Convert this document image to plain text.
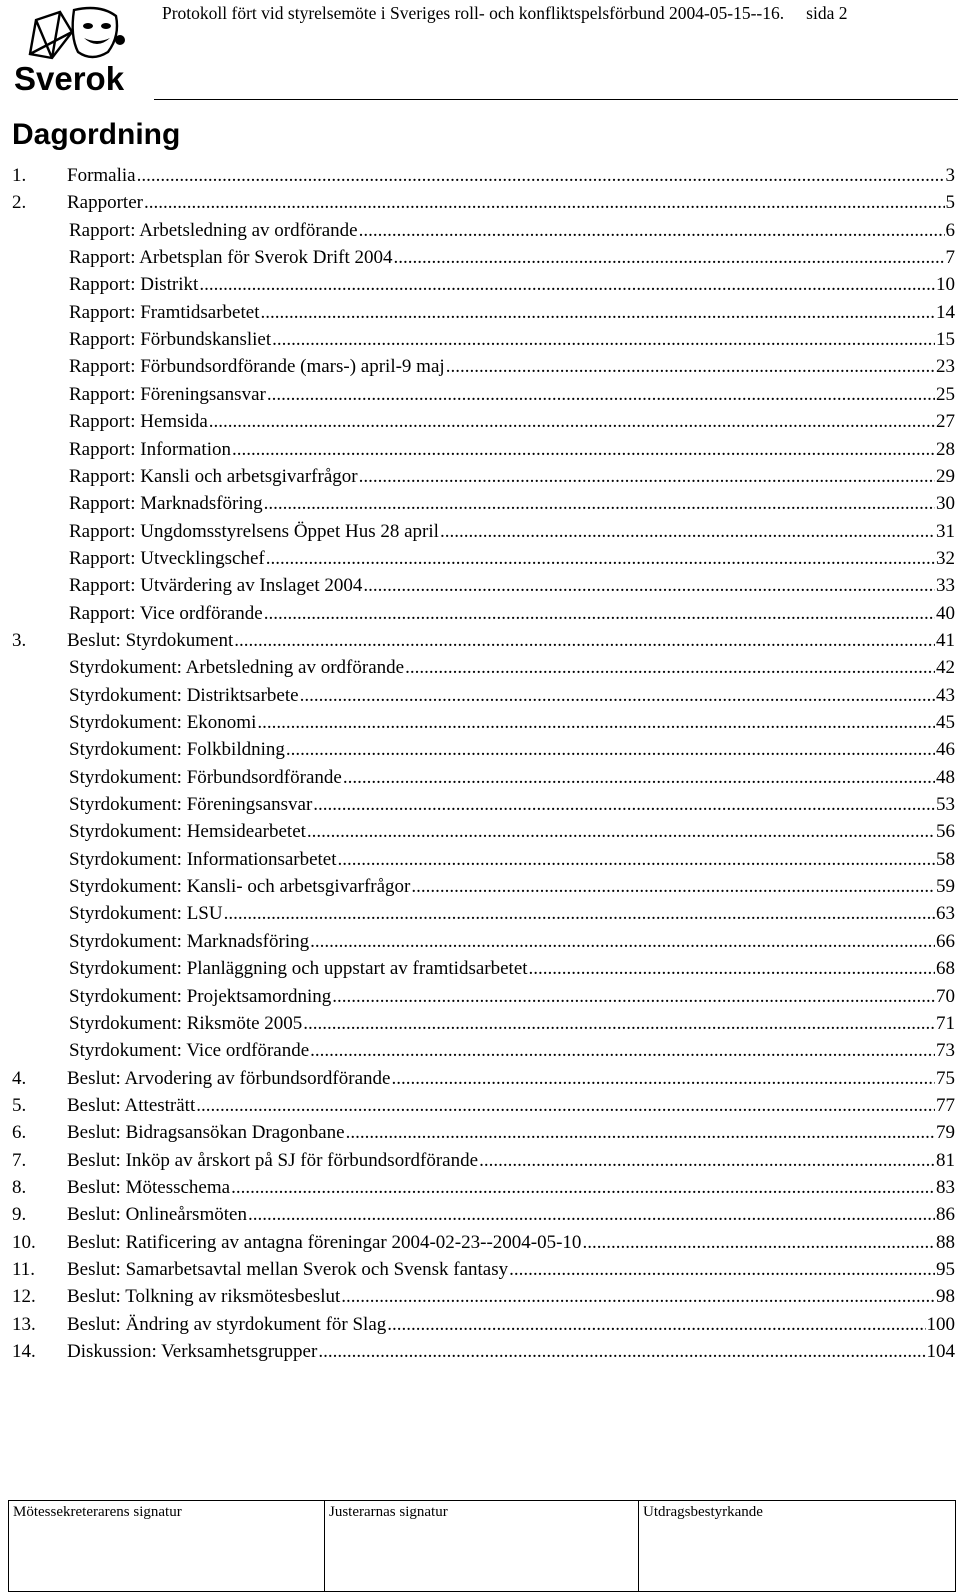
Sverok
Protokoll fört vid styrelsemöte i Sveriges roll- och konfliktspelsförbund 2004-05-15--16. sida 2
Dagordning
1. Formalia .....	3
2. Rapporter .....	5
Rapport: Arbetsledning av ordförande .....	6
Rapport: Arbetsplan för Sverok Drift 2004 .....	7
Rapport: Distrikt .....	10
Rapport: Framtidsarbetet .....	14
Rapport: Förbundskansliet .....	15
Rapport: Förbundsordförande (mars-) april-9 maj .....	23
Rapport: Föreningsansvar .....	25
Rapport: Hemsida .....	27
Rapport: Information .....	28
Rapport: Kansli och arbetsgivarfrågor .....	29
Rapport: Marknadsföring .....	30
Rapport: Ungdomsstyrelsens Öppet Hus 28 april .....	31
Rapport: Utvecklingschef .....	32
Rapport: Utvärdering av Inslaget 2004 .....	33
Rapport: Vice ordförande .....	40
3. Beslut: Styrdokument .....	41
Styrdokument: Arbetsledning av ordförande .....	42
Styrdokument: Distriktsarbete .....	43
Styrdokument: Ekonomi .....	45
Styrdokument: Folkbildning .....	46
Styrdokument: Förbundsordförande .....	48
Styrdokument: Föreningsansvar .....	53
Styrdokument: Hemsidearbetet .....	56
Styrdokument: Informationsarbetet .....	58
Styrdokument: Kansli- och arbetsgivarfrågor .....	59
Styrdokument: LSU .....	63
Styrdokument: Marknadsföring .....	66
Styrdokument: Planläggning och uppstart av framtidsarbetet .....	68
Styrdokument: Projektsamordning .....	70
Styrdokument: Riksmöte 2005 .....	71
Styrdokument: Vice ordförande .....	73
4. Beslut: Arvodering av förbundsordförande .....	75
5. Beslut: Attesträtt .....	77
6. Beslut: Bidragsansökan Dragonbane .....	79
7. Beslut: Inköp av årskort på SJ för förbundsordförande .....	81
8. Beslut: Mötesschema .....	83
9. Beslut: Onlineårsmöten .....	86
10. Beslut: Ratificering av antagna föreningar 2004-02-23--2004-05-10 .....	88
11. Beslut: Samarbetsavtal mellan Sverok och Svensk fantasy .....	95
12. Beslut: Tolkning av riksmötesbeslut .....	98
13. Beslut: Ändring av styrdokument för Slag .....	100
14. Diskussion: Verksamhetsgrupper .....	104
Mötessekreterarens signatur	Justerarnas signatur	Utdragsbestyrkande
